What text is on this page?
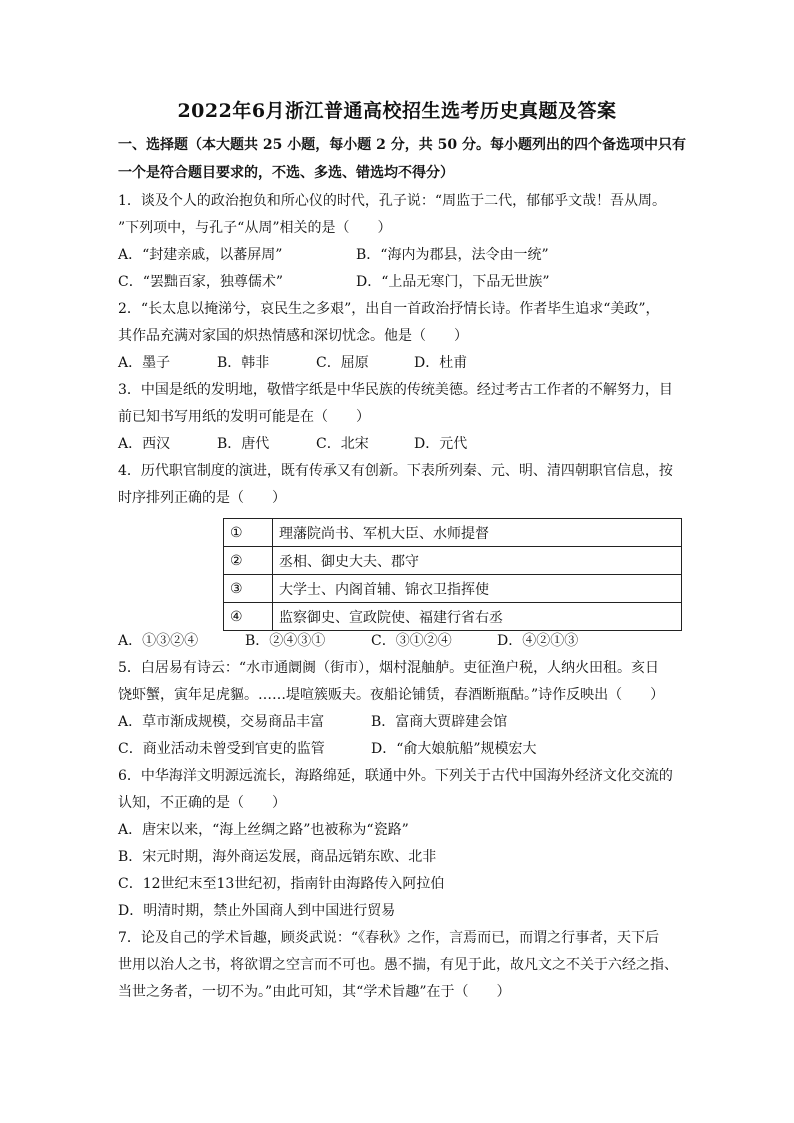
2022年6月浙江普通高校招生选考历史真题及答案
一、选择题（本大题共 25 小题，每小题 2 分，共 50 分。每小题列出的四个备选项中只有
一个是符合题目要求的，不选、多选、错选均不得分）
1．谈及个人的政治抱负和所心仪的时代，孔子说：“周监于二代，郁郁乎文哉！吾从周。
”下列项中，与孔子“从周”相关的是（　　）
A．“封建亲戚，以蕃屏周”	B．“海内为郡县，法令由一统”
C．“罢黜百家，独尊儒术”	D．“上品无寒门，下品无世族”
2．“长太息以掩涕兮，哀民生之多艰”，出自一首政治抒情长诗。作者毕生追求“美政”，
其作品充满对家国的炽热情感和深切忧念。他是（　　）
A．墨子	B．韩非	C．屈原	D．杜甫
3．中国是纸的发明地，敬惜字纸是中华民族的传统美德。经过考古工作者的不解努力，目
前已知书写用纸的发明可能是在（　　）
A．西汉	B．唐代	C．北宋	D．元代
4．历代职官制度的演进，既有传承又有创新。下表所列秦、元、明、清四朝职官信息，按
时序排列正确的是（　　）
①	理藩院尚书、军机大臣、水师提督
②	丞相、御史大夫、郡守
③	大学士、内阁首辅、锦衣卫指挥使
④	监察御史、宣政院使、福建行省右丞
A．①③②④	B．②④③①	C．③①②④	D．④②①③
5．白居易有诗云：“水市通阛阓（街市），烟村混舳舻。吏征渔户税，人纳火田租。亥日
饶虾蟹，寅年足虎貙。……堤喧簇贩夫。夜船论铺赁，春酒断瓶酤。”诗作反映出（　　）
A．草市渐成规模，交易商品丰富	B．富商大贾辟建会馆
C．商业活动未曾受到官吏的监管	D．“俞大娘航船”规模宏大
6．中华海洋文明源远流长，海路绵延，联通中外。下列关于古代中国海外经济文化交流的
认知，不正确的是（　　）
A．唐宋以来，“海上丝绸之路”也被称为“瓷路”
B．宋元时期，海外商运发展，商品远销东欧、北非
C．12世纪末至13世纪初，指南针由海路传入阿拉伯
D．明清时期，禁止外国商人到中国进行贸易
7．论及自己的学术旨趣，顾炎武说：“《春秋》之作，言焉而已，而谓之行事者，天下后
世用以治人之书，将欲谓之空言而不可也。愚不揣，有见于此，故凡文之不关于六经之指、
当世之务者，一切不为。”由此可知，其“学术旨趣”在于（　　）
